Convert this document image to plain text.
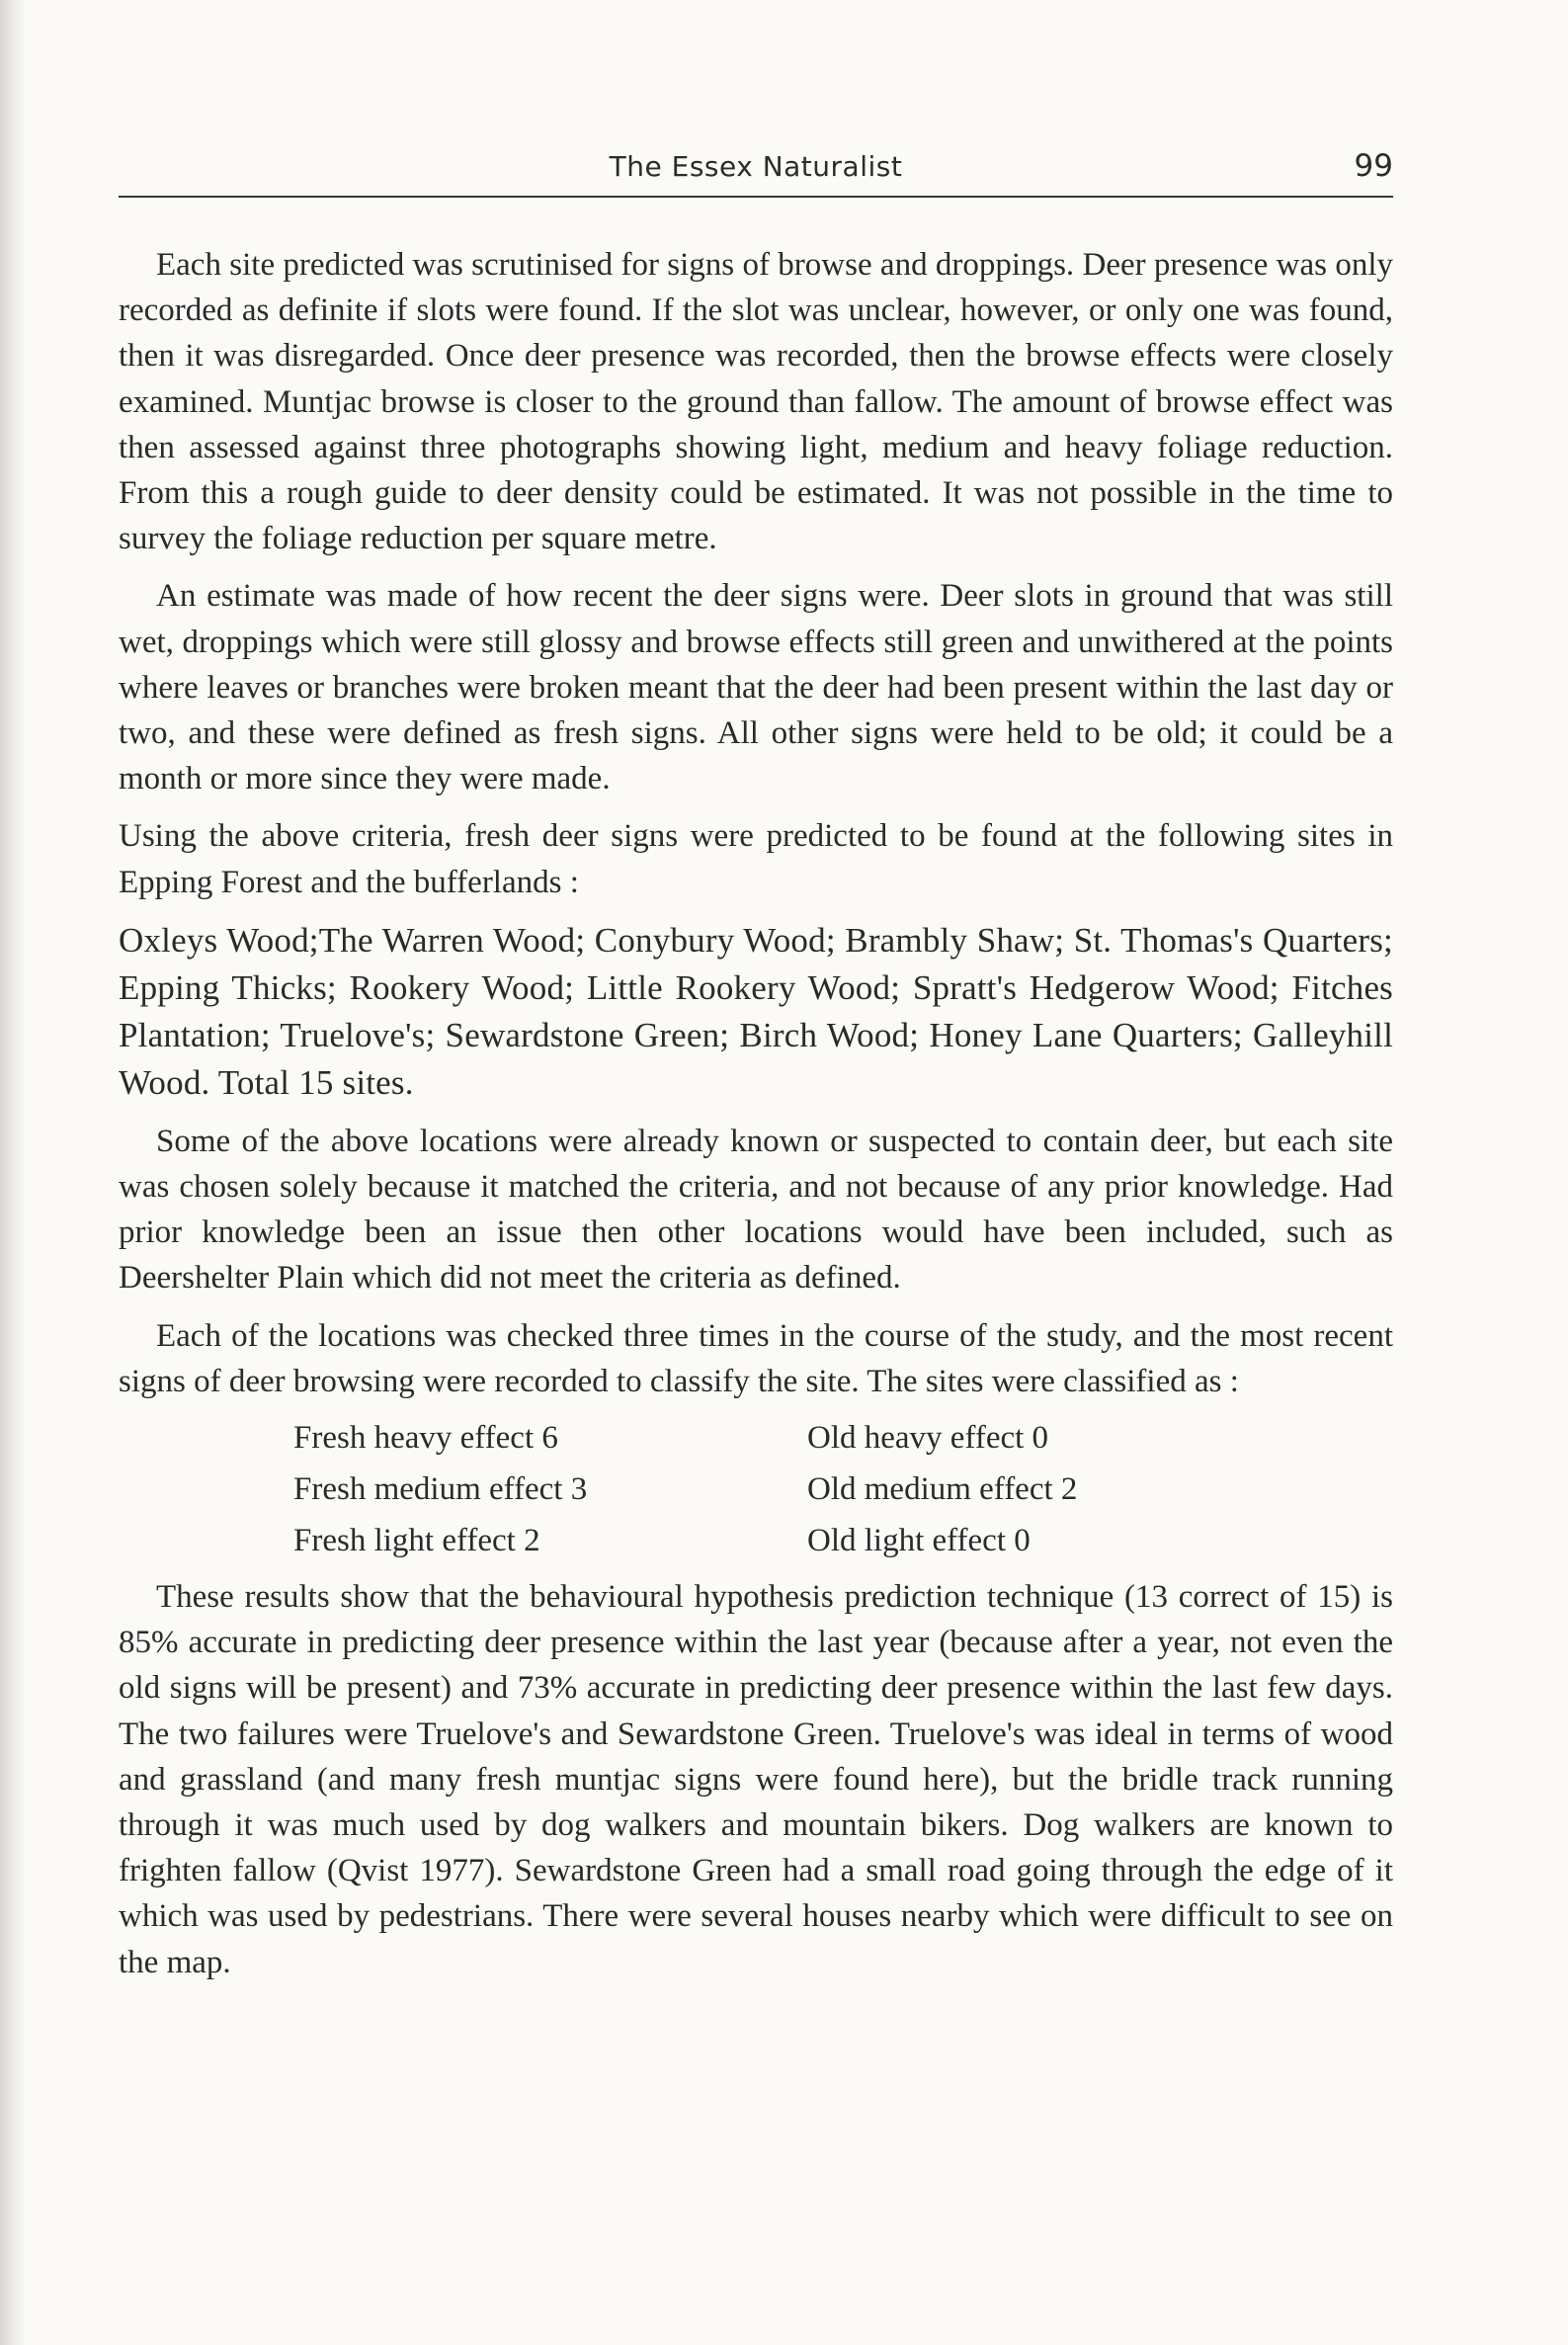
The Essex Naturalist	99

Each site predicted was scrutinised for signs of browse and droppings. Deer presence was only recorded as definite if slots were found. If the slot was unclear, however, or only one was found, then it was disregarded. Once deer presence was recorded, then the browse effects were closely examined. Muntjac browse is closer to the ground than fallow. The amount of browse effect was then assessed against three photographs showing light, medium and heavy foliage reduction. From this a rough guide to deer density could be estimated. It was not possible in the time to survey the foliage reduction per square metre.

An estimate was made of how recent the deer signs were. Deer slots in ground that was still wet, droppings which were still glossy and browse effects still green and unwithered at the points where leaves or branches were broken meant that the deer had been present within the last day or two, and these were defined as fresh signs. All other signs were held to be old; it could be a month or more since they were made.

Using the above criteria, fresh deer signs were predicted to be found at the following sites in Epping Forest and the bufferlands :

Oxleys Wood;The Warren Wood; Conybury Wood; Brambly Shaw; St. Thomas's Quarters; Epping Thicks; Rookery Wood; Little Rookery Wood; Spratt's Hedgerow Wood; Fitches Plantation; Truelove's; Sewardstone Green; Birch Wood; Honey Lane Quarters; Galleyhill Wood. Total 15 sites.

Some of the above locations were already known or suspected to contain deer, but each site was chosen solely because it matched the criteria, and not because of any prior knowledge. Had prior knowledge been an issue then other locations would have been included, such as Deershelter Plain which did not meet the criteria as defined.

Each of the locations was checked three times in the course of the study, and the most recent signs of deer browsing were recorded to classify the site. The sites were classified as :

Fresh heavy effect 6	Old heavy effect 0
Fresh medium effect 3	Old medium effect 2
Fresh light effect 2	Old light effect 0

These results show that the behavioural hypothesis prediction technique (13 correct of 15) is 85% accurate in predicting deer presence within the last year (because after a year, not even the old signs will be present) and 73% accurate in predicting deer presence within the last few days. The two failures were Truelove's and Sewardstone Green. Truelove's was ideal in terms of wood and grassland (and many fresh muntjac signs were found here), but the bridle track running through it was much used by dog walkers and mountain bikers. Dog walkers are known to frighten fallow (Qvist 1977). Sewardstone Green had a small road going through the edge of it which was used by pedestrians. There were several houses nearby which were difficult to see on the map.
